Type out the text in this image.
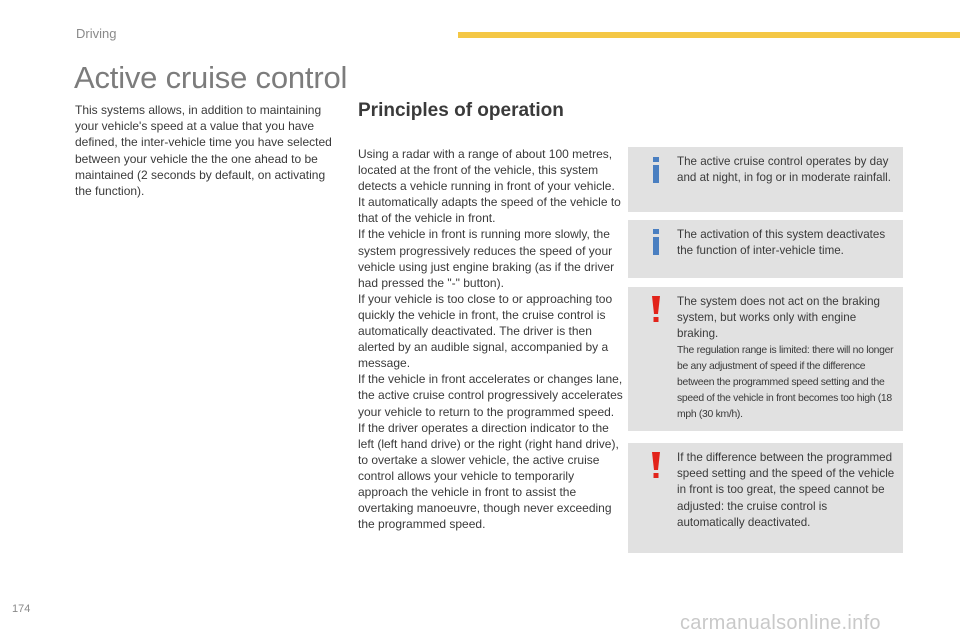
Driving
Active cruise control

This systems allows, in addition to maintaining your vehicle's speed at a value that you have defined, the inter-vehicle time you have selected between your vehicle the the one ahead to be maintained (2 seconds by default, on activating the function).

Principles of operation

Using a radar with a range of about 100 metres, located at the front of the vehicle, this system detects a vehicle running in front of your vehicle.

It automatically adapts the speed of the vehicle to that of the vehicle in front.

If the vehicle in front is running more slowly, the system progressively reduces the speed of your vehicle using just engine braking (as if the driver had pressed the "-" button).

If your vehicle is too close to or approaching too quickly the vehicle in front, the cruise control is automatically deactivated. The driver is then alerted by an audible signal, accompanied by a message.

If the vehicle in front accelerates or changes lane, the active cruise control progressively accelerates your vehicle to return to the programmed speed.

If the driver operates a direction indicator to the left (left hand drive) or the right (right hand drive), to overtake a slower vehicle, the active cruise control allows your vehicle to temporarily approach the vehicle in front to assist the overtaking manoeuvre, though never exceeding the programmed speed.

The active cruise control operates by day and at night, in fog or in moderate rainfall.

The activation of this system deactivates the function of inter-vehicle time.

The system does not act on the braking system, but works only with engine braking.

The regulation range is limited: there will no longer be any adjustment of speed if the difference between the programmed speed setting and the speed of the vehicle in front becomes too high (18 mph (30 km/h).

If the difference between the programmed speed setting and the speed of the vehicle in front is too great, the speed cannot be adjusted: the cruise control is automatically deactivated.

174
carmanualsonline.info
